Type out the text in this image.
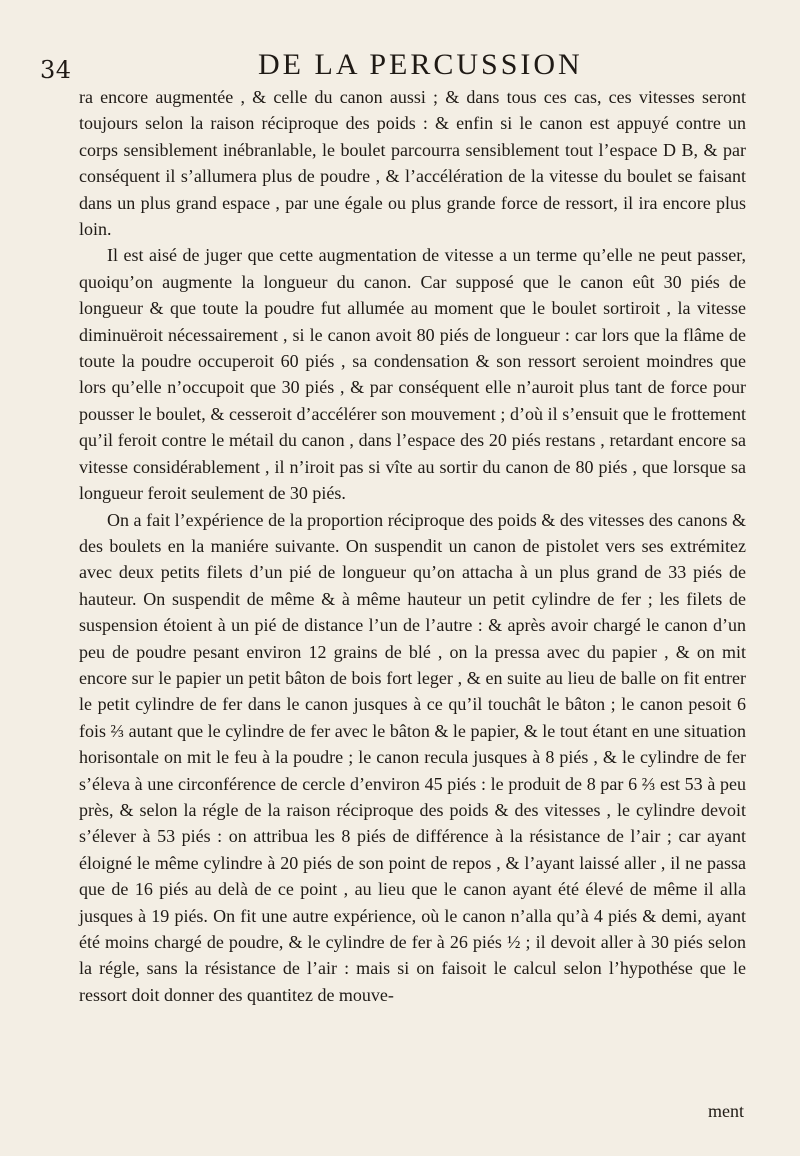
34	DE LA PERCUSSION

ra encore augmentée , & celle du canon aussi ; & dans tous ces cas, ces vitesses seront toujours selon la raison réciproque des poids : & enfin si le canon est appuyé contre un corps sensiblement inébranlable, le boulet parcourra sensiblement tout l’espace D B, & par conséquent il s’allumera plus de poudre , & l’accélération de la vitesse du boulet se faisant dans un plus grand espace , par une égale ou plus grande force de ressort, il ira encore plus loin.

Il est aisé de juger que cette augmentation de vitesse a un terme qu’elle ne peut passer, quoiqu’on augmente la longueur du canon. Car supposé que le canon eût 30 piés de longueur & que toute la poudre fut allumée au moment que le boulet sortiroit , la vitesse diminuëroit nécessairement , si le canon avoit 80 piés de longueur : car lors que la flâme de toute la poudre occuperoit 60 piés , sa condensation & son ressort seroient moindres que lors qu’elle n’occupoit que 30 piés , & par conséquent elle n’auroit plus tant de force pour pousser le boulet, & cesseroit d’accélérer son mouvement ; d’où il s’ensuit que le frottement qu’il feroit contre le métail du canon , dans l’espace des 20 piés restans , retardant encore sa vitesse considérablement , il n’iroit pas si vîte au sortir du canon de 80 piés , que lorsque sa longueur feroit seulement de 30 piés.

On a fait l’expérience de la proportion réciproque des poids & des vitesses des canons & des boulets en la maniére suivante. On suspendit un canon de pistolet vers ses extrémitez avec deux petits filets d’un pié de longueur qu’on attacha à un plus grand de 33 piés de hauteur. On suspendit de même & à même hauteur un petit cylindre de fer ; les filets de suspension étoient à un pié de distance l’un de l’autre : & après avoir chargé le canon d’un peu de poudre pesant environ 12 grains de blé , on la pressa avec du papier , & on mit encore sur le papier un petit bâton de bois fort leger , & en suite au lieu de balle on fit entrer le petit cylindre de fer dans le canon jusques à ce qu’il touchât le bâton ; le canon pesoit 6 fois ⅔ autant que le cylindre de fer avec le bâton & le papier, & le tout étant en une situation horisontale on mit le feu à la poudre ; le canon recula jusques à 8 piés , & le cylindre de fer s’éleva à une circonférence de cercle d’environ 45 piés : le produit de 8 par 6 ⅔ est 53 à peu près, & selon la régle de la raison réciproque des poids & des vitesses , le cylindre devoit s’élever à 53 piés : on attribua les 8 piés de différence à la résistance de l’air ; car ayant éloigné le même cylindre à 20 piés de son point de repos , & l’ayant laissé aller , il ne passa que de 16 piés au delà de ce point , au lieu que le canon ayant été élevé de même il alla jusques à 19 piés. On fit une autre expérience, où le canon n’alla qu’à 4 piés & demi, ayant été moins chargé de poudre, & le cylindre de fer à 26 piés ½ ; il devoit aller à 30 piés selon la régle, sans la résistance de l’air : mais si on faisoit le calcul selon l’hypothése que le ressort doit donner des quantitez de mouve-

ment
